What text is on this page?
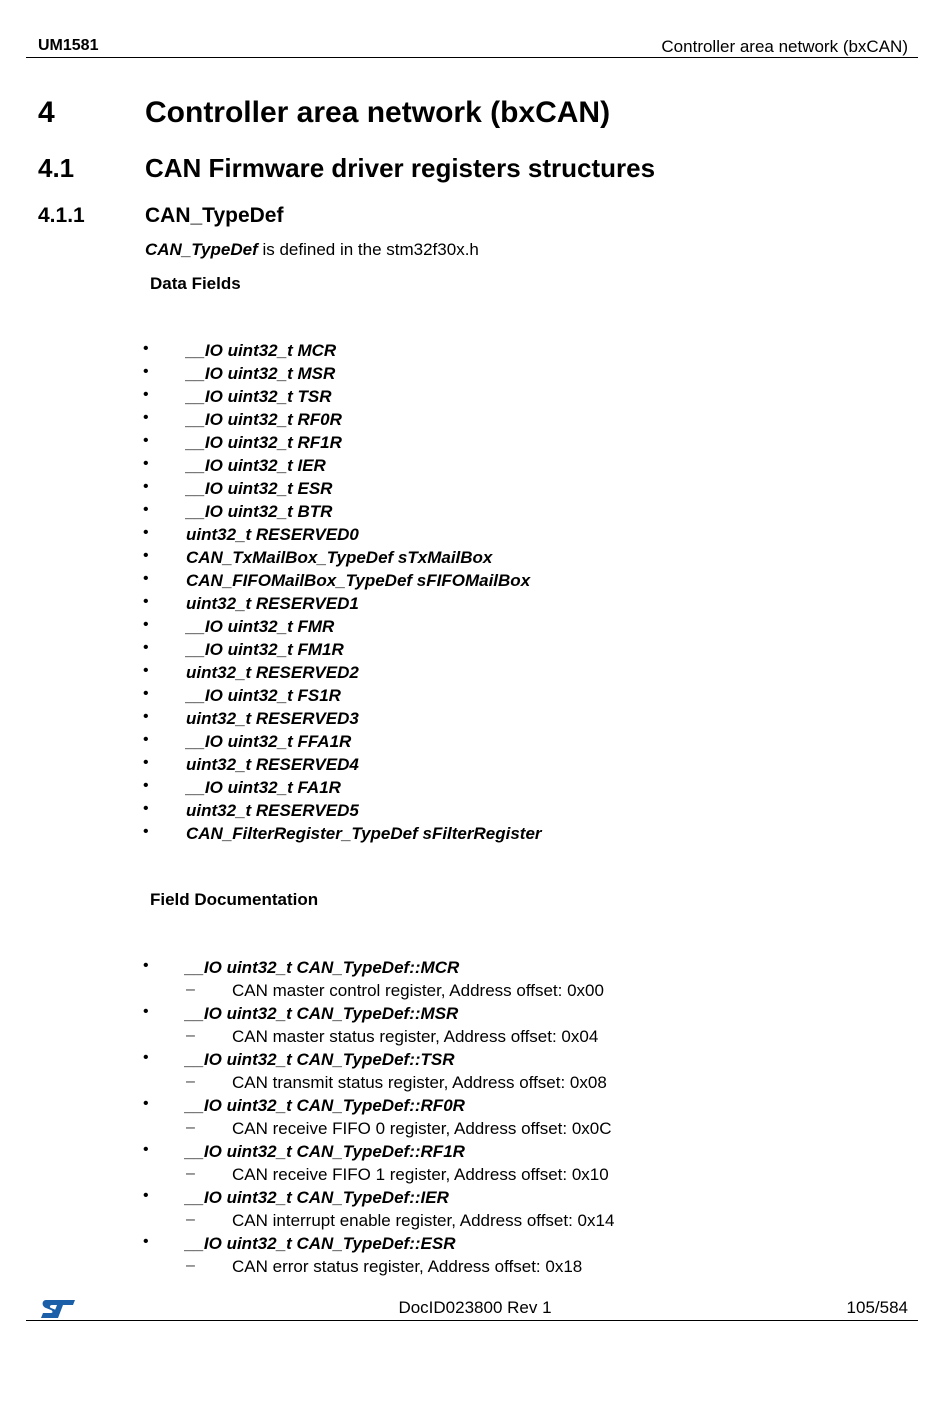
UM1581	Controller area network (bxCAN)
4	Controller area network (bxCAN)
4.1	CAN Firmware driver registers structures
4.1.1	CAN_TypeDef
CAN_TypeDef is defined in the stm32f30x.h
Data Fields
• __IO uint32_t MCR
• __IO uint32_t MSR
• __IO uint32_t TSR
• __IO uint32_t RF0R
• __IO uint32_t RF1R
• __IO uint32_t IER
• __IO uint32_t ESR
• __IO uint32_t BTR
• uint32_t RESERVED0
• CAN_TxMailBox_TypeDef sTxMailBox
• CAN_FIFOMailBox_TypeDef sFIFOMailBox
• uint32_t RESERVED1
• __IO uint32_t FMR
• __IO uint32_t FM1R
• uint32_t RESERVED2
• __IO uint32_t FS1R
• uint32_t RESERVED3
• __IO uint32_t FFA1R
• uint32_t RESERVED4
• __IO uint32_t FA1R
• uint32_t RESERVED5
• CAN_FilterRegister_TypeDef sFilterRegister
Field Documentation
• __IO uint32_t CAN_TypeDef::MCR
– CAN master control register, Address offset: 0x00
• __IO uint32_t CAN_TypeDef::MSR
– CAN master status register, Address offset: 0x04
• __IO uint32_t CAN_TypeDef::TSR
– CAN transmit status register, Address offset: 0x08
• __IO uint32_t CAN_TypeDef::RF0R
– CAN receive FIFO 0 register, Address offset: 0x0C
• __IO uint32_t CAN_TypeDef::RF1R
– CAN receive FIFO 1 register, Address offset: 0x10
• __IO uint32_t CAN_TypeDef::IER
– CAN interrupt enable register, Address offset: 0x14
• __IO uint32_t CAN_TypeDef::ESR
– CAN error status register, Address offset: 0x18
DocID023800 Rev 1	105/584
